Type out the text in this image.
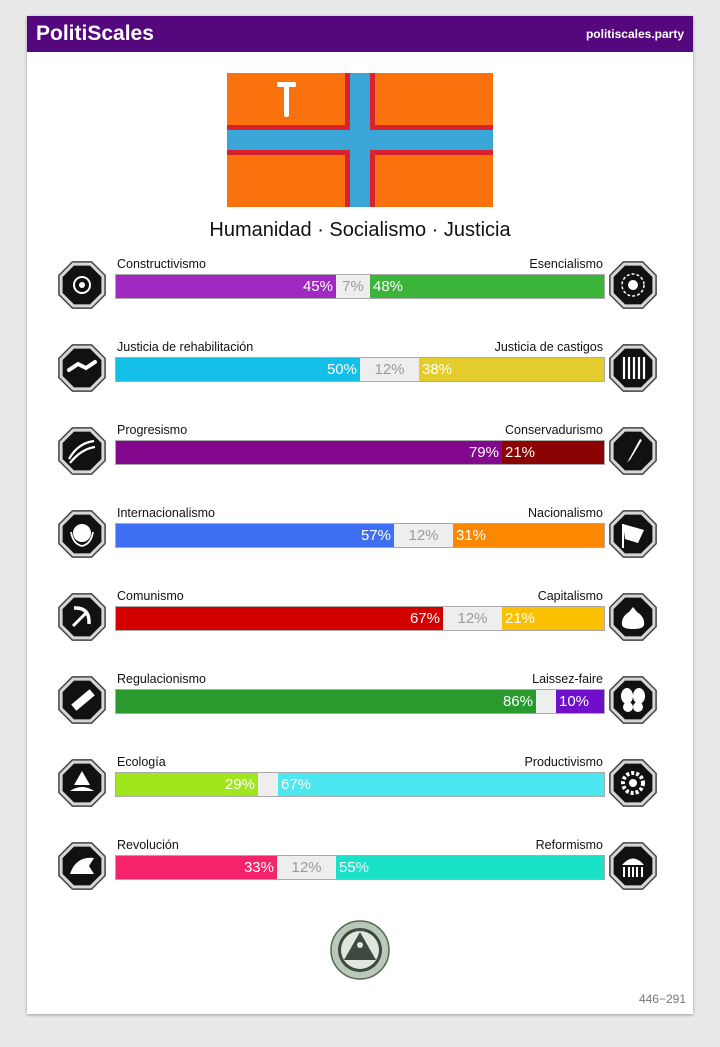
PolitiScales	politiscales.party
Humanidad · Socialismo · Justicia
Constructivismo	Esencialismo
45% 7% 48%
Justicia de rehabilitación	Justicia de castigos
50%	12%	38%
Progresismo	Conservadurismo
79% 21%
Internacionalismo	Nacionalismo
57%	12%	31%
Comunismo	Capitalismo
67%	12%	21%
Regulacionismo	Laissez-faire
86% 10%
Ecología	Productivismo
29% 67%
Revolución	Reformismo
33%	12%	55%
446−291
